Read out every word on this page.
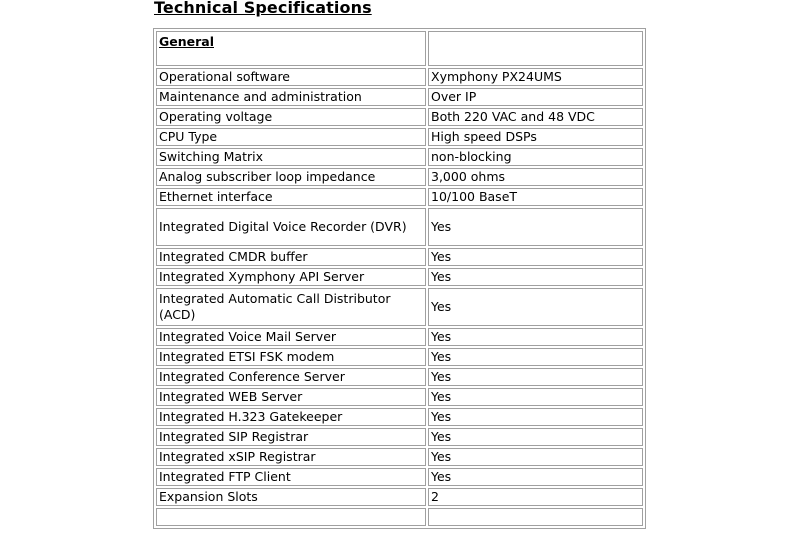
Technical Specifications
General	
Operational software	Xymphony PX24UMS
Maintenance and administration	Over IP
Operating voltage	Both 220 VAC and 48 VDC
CPU Type	High speed DSPs
Switching Matrix	non-blocking
Analog subscriber loop impedance	3,000 ohms
Ethernet interface	10/100 BaseT
Integrated Digital Voice Recorder (DVR)	Yes
Integrated CMDR buffer	Yes
Integrated Xymphony API Server	Yes
Integrated Automatic Call Distributor (ACD)	Yes
Integrated Voice Mail Server	Yes
Integrated ETSI FSK modem	Yes
Integrated Conference Server	Yes
Integrated WEB Server	Yes
Integrated H.323 Gatekeeper	Yes
Integrated SIP Registrar	Yes
Integrated xSIP Registrar	Yes
Integrated FTP Client	Yes
Expansion Slots	2
